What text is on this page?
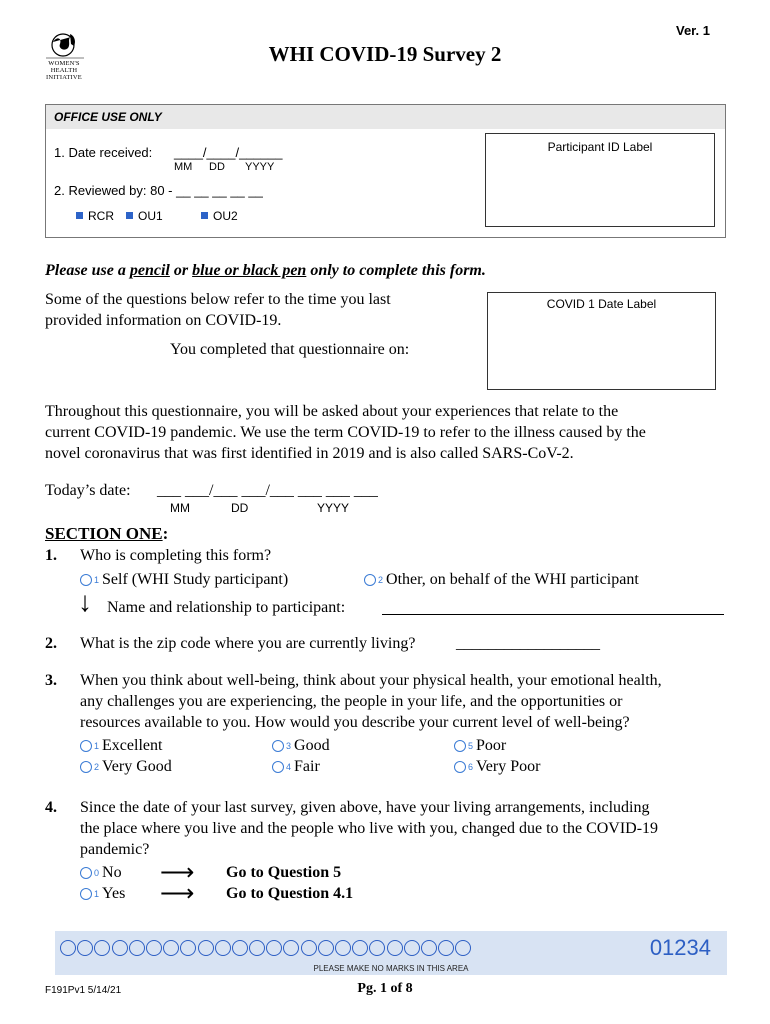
WOMEN'S HEALTH INITIATIVE
Ver. 1
WHI COVID-19 Survey 2
OFFICE USE ONLY
1. Date received: ____/____/______
MM DD YYYY
2. Reviewed by: 80 - __ __ __ __ __
RCR	OU1	OU2
Participant ID Label
Please use a pencil or blue or black pen only to complete this form.
Some of the questions below refer to the time you last
provided information on COVID-19.
You completed that questionnaire on:
COVID 1 Date Label
Throughout this questionnaire, you will be asked about your experiences that relate to the
current COVID-19 pandemic. We use the term COVID-19 to refer to the illness caused by the
novel coronavirus that was first identified in 2019 and is also called SARS-CoV-2.
Today’s date: ___ ___/___ ___/___ ___ ___ ___
MM	DD	YYYY
SECTION ONE:
1. Who is completing this form?
1 Self (WHI Study participant)	2 Other, on behalf of the WHI participant
↓ Name and relationship to participant:
2. What is the zip code where you are currently living?	__________________
3. When you think about well-being, think about your physical health, your emotional health,
any challenges you are experiencing, the people in your life, and the opportunities or
resources available to you. How would you describe your current level of well-being?
1 Excellent
2 Very Good
3 Good
4 Fair
5 Poor
6 Very Poor
4. Since the date of your last survey, given above, have your living arrangements, including
the place where you live and the people who live with you, changed due to the COVID-19
pandemic?
0 No ⟶ Go to Question 5
1 Yes ⟶ Go to Question 4.1
01234
PLEASE MAKE NO MARKS IN THIS AREA
F191Pv1 5/14/21	Pg. 1 of 8
